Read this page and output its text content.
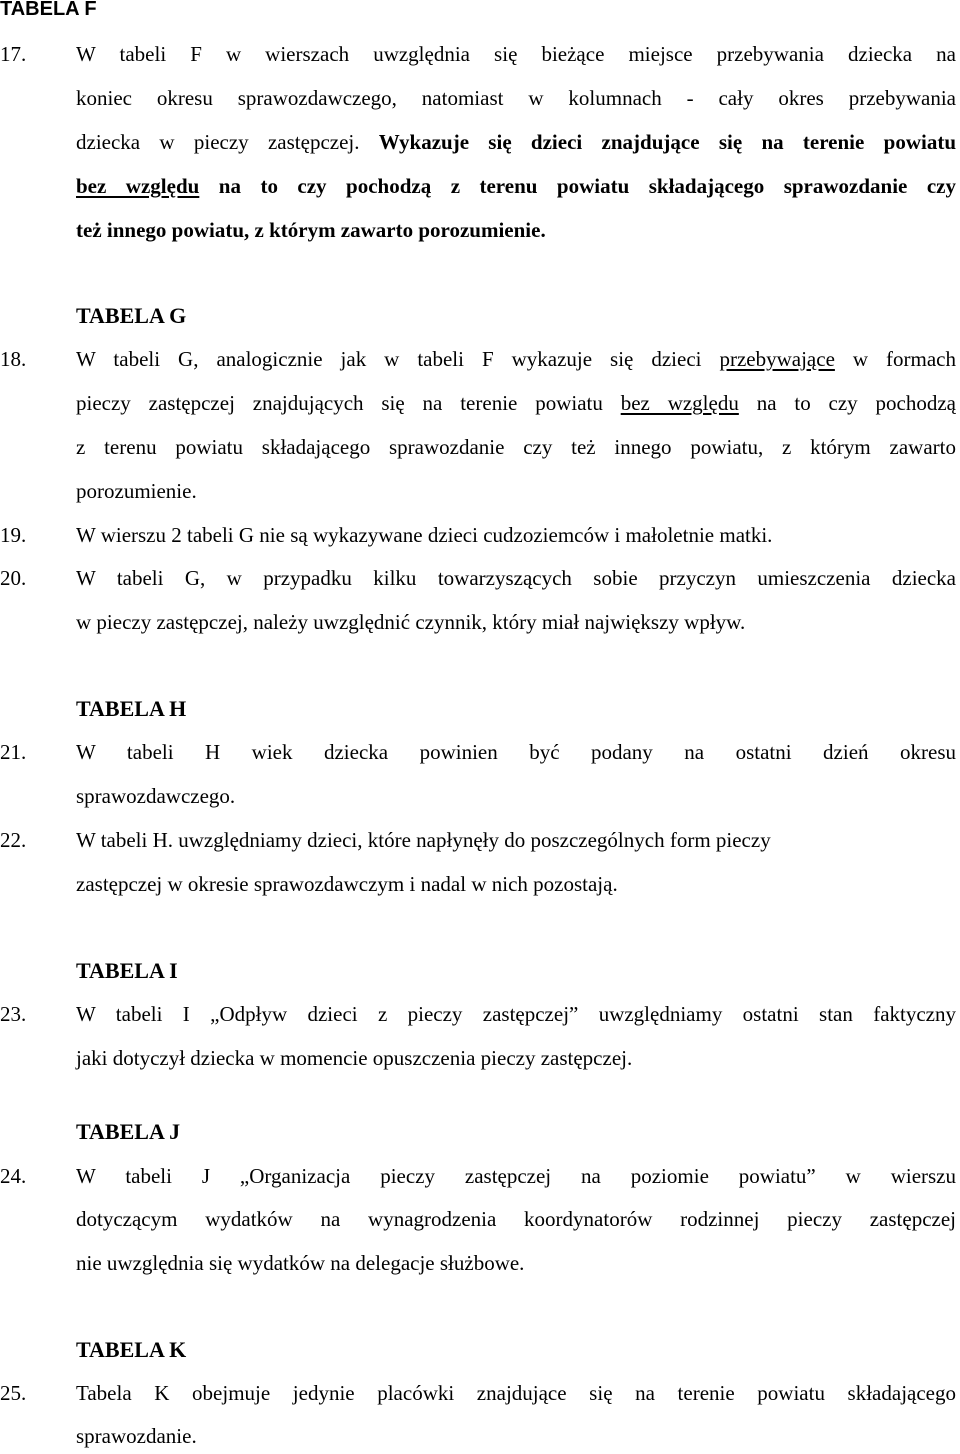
TABELA F

17. W tabeli F w wierszach uwzględnia się bieżące miejsce przebywania dziecka na

koniec okresu sprawozdawczego, natomiast w kolumnach - cały okres przebywania

dziecka w pieczy zastępczej. Wykazuje się dzieci znajdujące się na terenie powiatu

bez względu na to czy pochodzą z terenu powiatu składającego sprawozdanie czy

też innego powiatu, z którym zawarto porozumienie.

TABELA G

18. W tabeli G, analogicznie jak w tabeli F wykazuje się dzieci przebywające w formach

pieczy zastępczej znajdujących się na terenie powiatu bez względu na to czy pochodzą

z terenu powiatu składającego sprawozdanie czy też innego powiatu, z którym zawarto

porozumienie.

19. W wierszu 2 tabeli G nie są wykazywane dzieci cudzoziemców i małoletnie matki.

20. W tabeli G, w przypadku kilku towarzyszących sobie przyczyn umieszczenia dziecka

w pieczy zastępczej, należy uwzględnić czynnik, który miał największy wpływ.

TABELA H

21. W tabeli H wiek dziecka powinien być podany na ostatni dzień okresu

sprawozdawczego.

22. W tabeli H. uwzględniamy dzieci, które napłynęły do poszczególnych form pieczy

zastępczej w okresie sprawozdawczym i nadal w nich pozostają.

TABELA I

23. W tabeli I „Odpływ dzieci z pieczy zastępczej” uwzględniamy ostatni stan faktyczny

jaki dotyczył dziecka w momencie opuszczenia pieczy zastępczej.

TABELA J

24. W tabeli J „Organizacja pieczy zastępczej na poziomie powiatu” w wierszu

dotyczącym wydatków na wynagrodzenia koordynatorów rodzinnej pieczy zastępczej

nie uwzględnia się wydatków na delegacje służbowe.

TABELA K

25. Tabela K obejmuje jedynie placówki znajdujące się na terenie powiatu składającego

sprawozdanie.
